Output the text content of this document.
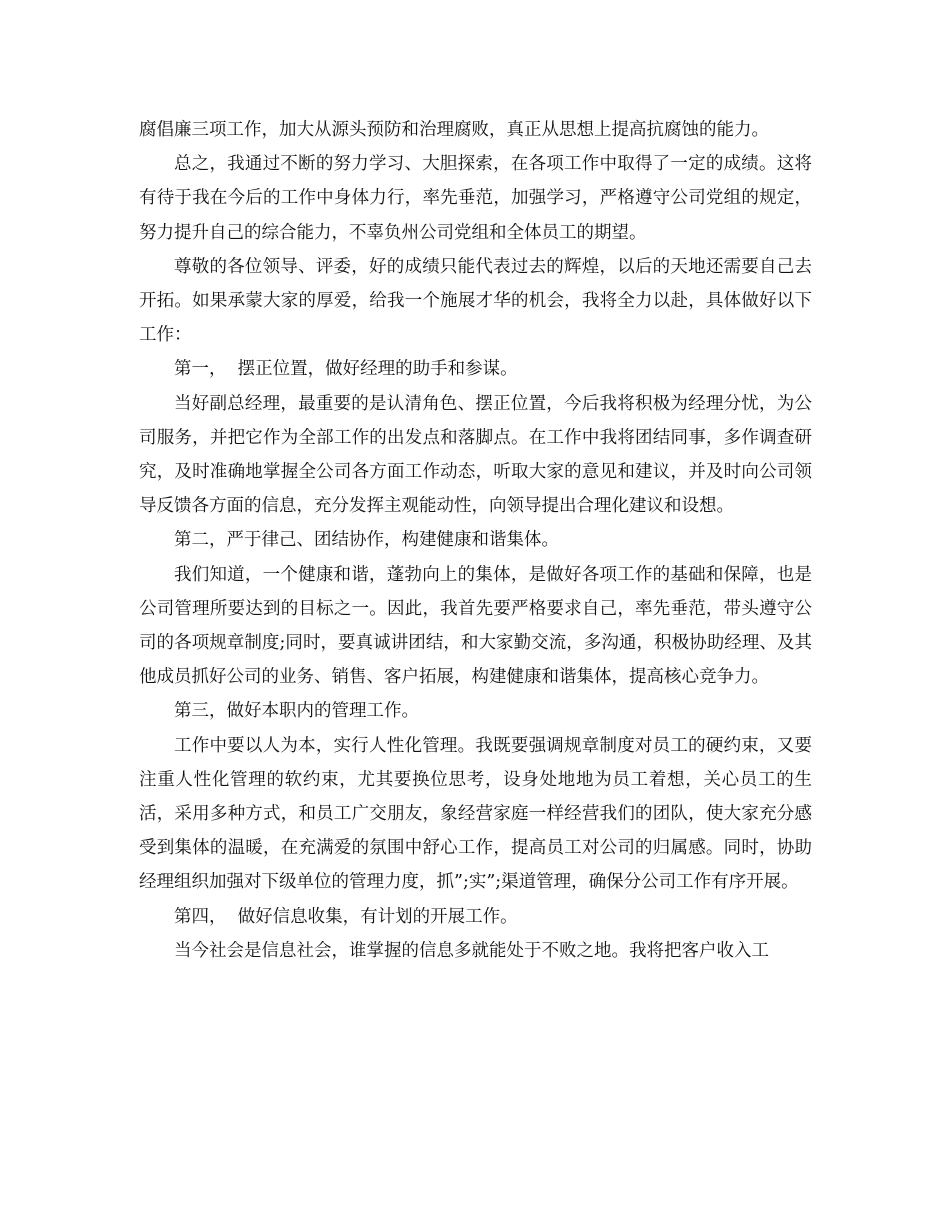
腐倡廉三项工作，加大从源头预防和治理腐败，真正从思想上提高抗腐蚀的能力。

总之，我通过不断的努力学习、大胆探索，在各项工作中取得了一定的成绩。这将有待于我在今后的工作中身体力行，率先垂范，加强学习，严格遵守公司党组的规定，努力提升自己的综合能力，不辜负州公司党组和全体员工的期望。

尊敬的各位领导、评委，好的成绩只能代表过去的辉煌，以后的天地还需要自己去开拓。如果承蒙大家的厚爱，给我一个施展才华的机会，我将全力以赴，具体做好以下工作：

第一，  摆正位置，做好经理的助手和参谋。

当好副总经理，最重要的是认清角色、摆正位置，今后我将积极为经理分忧，为公司服务，并把它作为全部工作的出发点和落脚点。在工作中我将团结同事，多作调查研究，及时准确地掌握全公司各方面工作动态，听取大家的意见和建议，并及时向公司领导反馈各方面的信息，充分发挥主观能动性，向领导提出合理化建议和设想。

第二，严于律己、团结协作，构建健康和谐集体。

我们知道，一个健康和谐，蓬勃向上的集体，是做好各项工作的基础和保障，也是公司管理所要达到的目标之一。因此，我首先要严格要求自己，率先垂范，带头遵守公司的各项规章制度;同时，要真诚讲团结，和大家勤交流，多沟通，积极协助经理、及其他成员抓好公司的业务、销售、客户拓展，构建健康和谐集体，提高核心竞争力。

第三，做好本职内的管理工作。

工作中要以人为本，实行人性化管理。我既要强调规章制度对员工的硬约束，又要注重人性化管理的软约束，尤其要换位思考，设身处地地为员工着想，关心员工的生活，采用多种方式，和员工广交朋友，象经营家庭一样经营我们的团队，使大家充分感受到集体的温暖，在充满爱的氛围中舒心工作，提高员工对公司的归属感。同时，协助经理组织加强对下级单位的管理力度，抓”;实”;渠道管理，确保分公司工作有序开展。

第四，  做好信息收集，有计划的开展工作。

当今社会是信息社会，谁掌握的信息多就能处于不败之地。我将把客户收入工
